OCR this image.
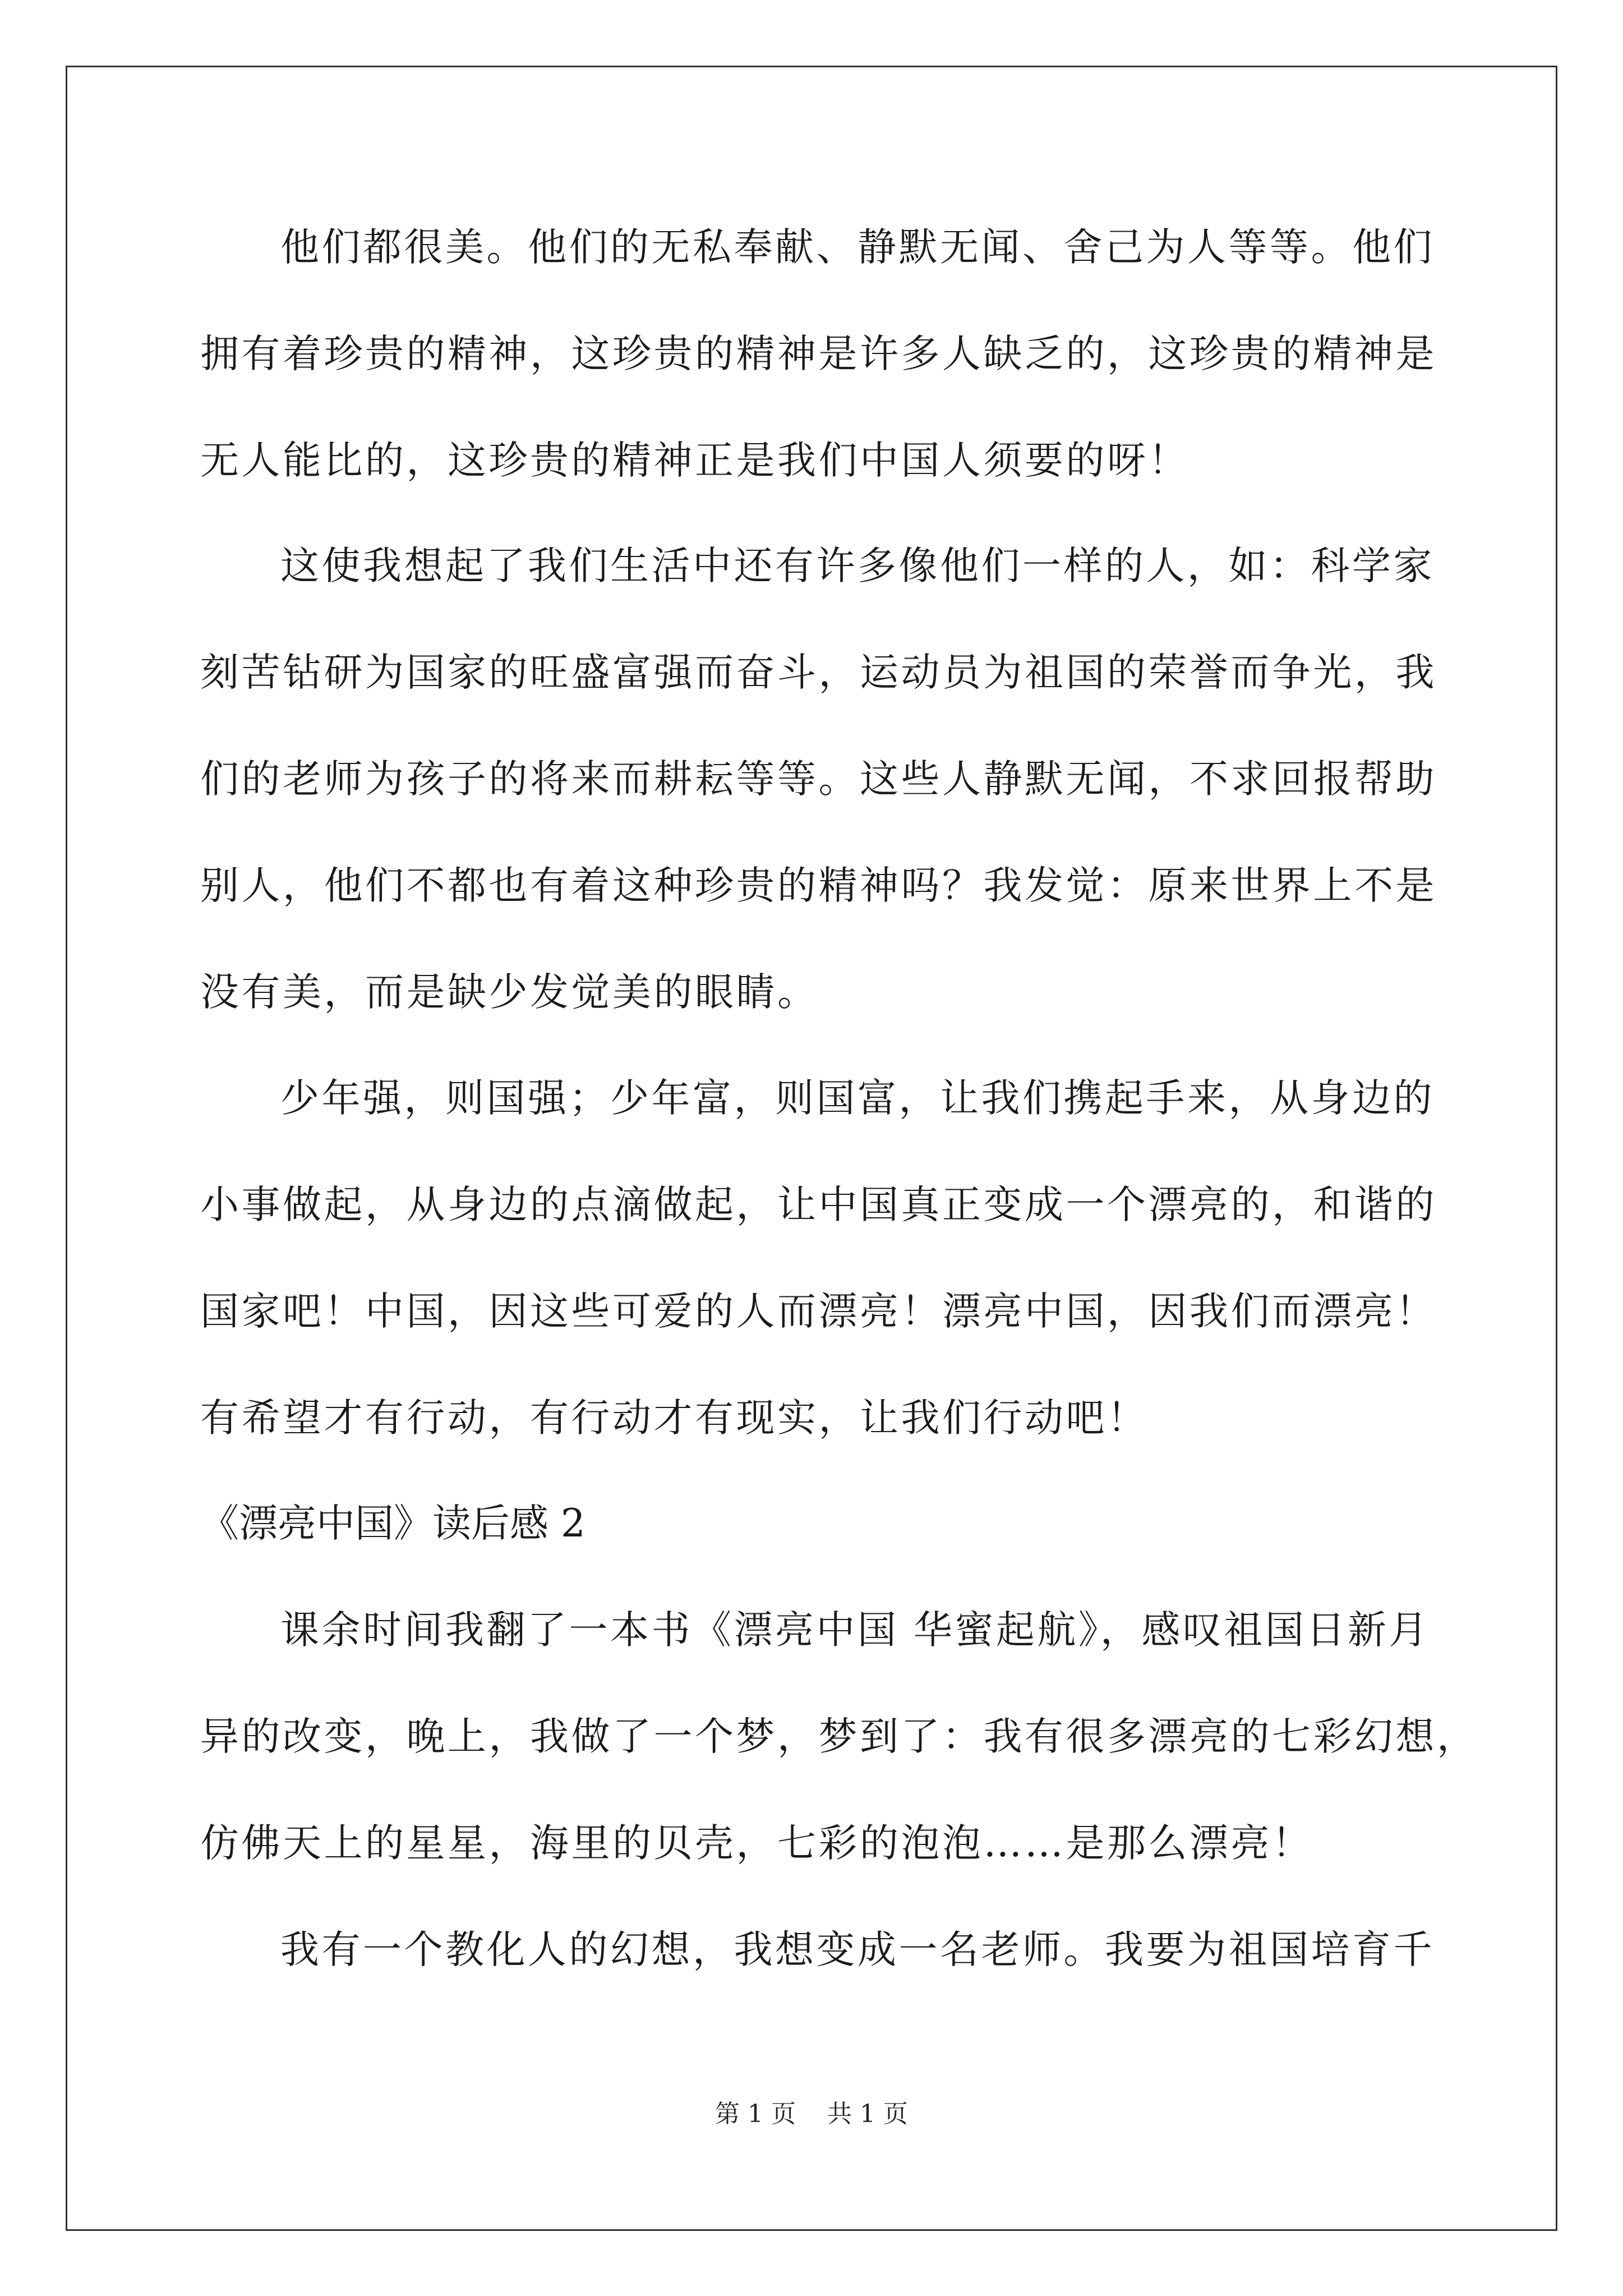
他们都很美。他们的无私奉献、静默无闻、舍己为人等等。他们
拥有着珍贵的精神，这珍贵的精神是许多人缺乏的，这珍贵的精神是
无人能比的，这珍贵的精神正是我们中国人须要的呀！
这使我想起了我们生活中还有许多像他们一样的人，如：科学家
刻苦钻研为国家的旺盛富强而奋斗，运动员为祖国的荣誉而争光，我
们的老师为孩子的将来而耕耘等等。这些人静默无闻，不求回报帮助
别人，他们不都也有着这种珍贵的精神吗？我发觉：原来世界上不是
没有美，而是缺少发觉美的眼睛。
少年强，则国强；少年富，则国富，让我们携起手来，从身边的
小事做起，从身边的点滴做起，让中国真正变成一个漂亮的，和谐的
国家吧！中国，因这些可爱的人而漂亮！漂亮中国，因我们而漂亮！
有希望才有行动，有行动才有现实，让我们行动吧！
《漂亮中国》读后感 2
课余时间我翻了一本书《漂亮中国 华蜜起航》，感叹祖国日新月
异的改变，晚上，我做了一个梦，梦到了：我有很多漂亮的七彩幻想，
仿佛天上的星星，海里的贝壳，七彩的泡泡……是那么漂亮！
我有一个教化人的幻想，我想变成一名老师。我要为祖国培育千
第 1 页    共 1 页
